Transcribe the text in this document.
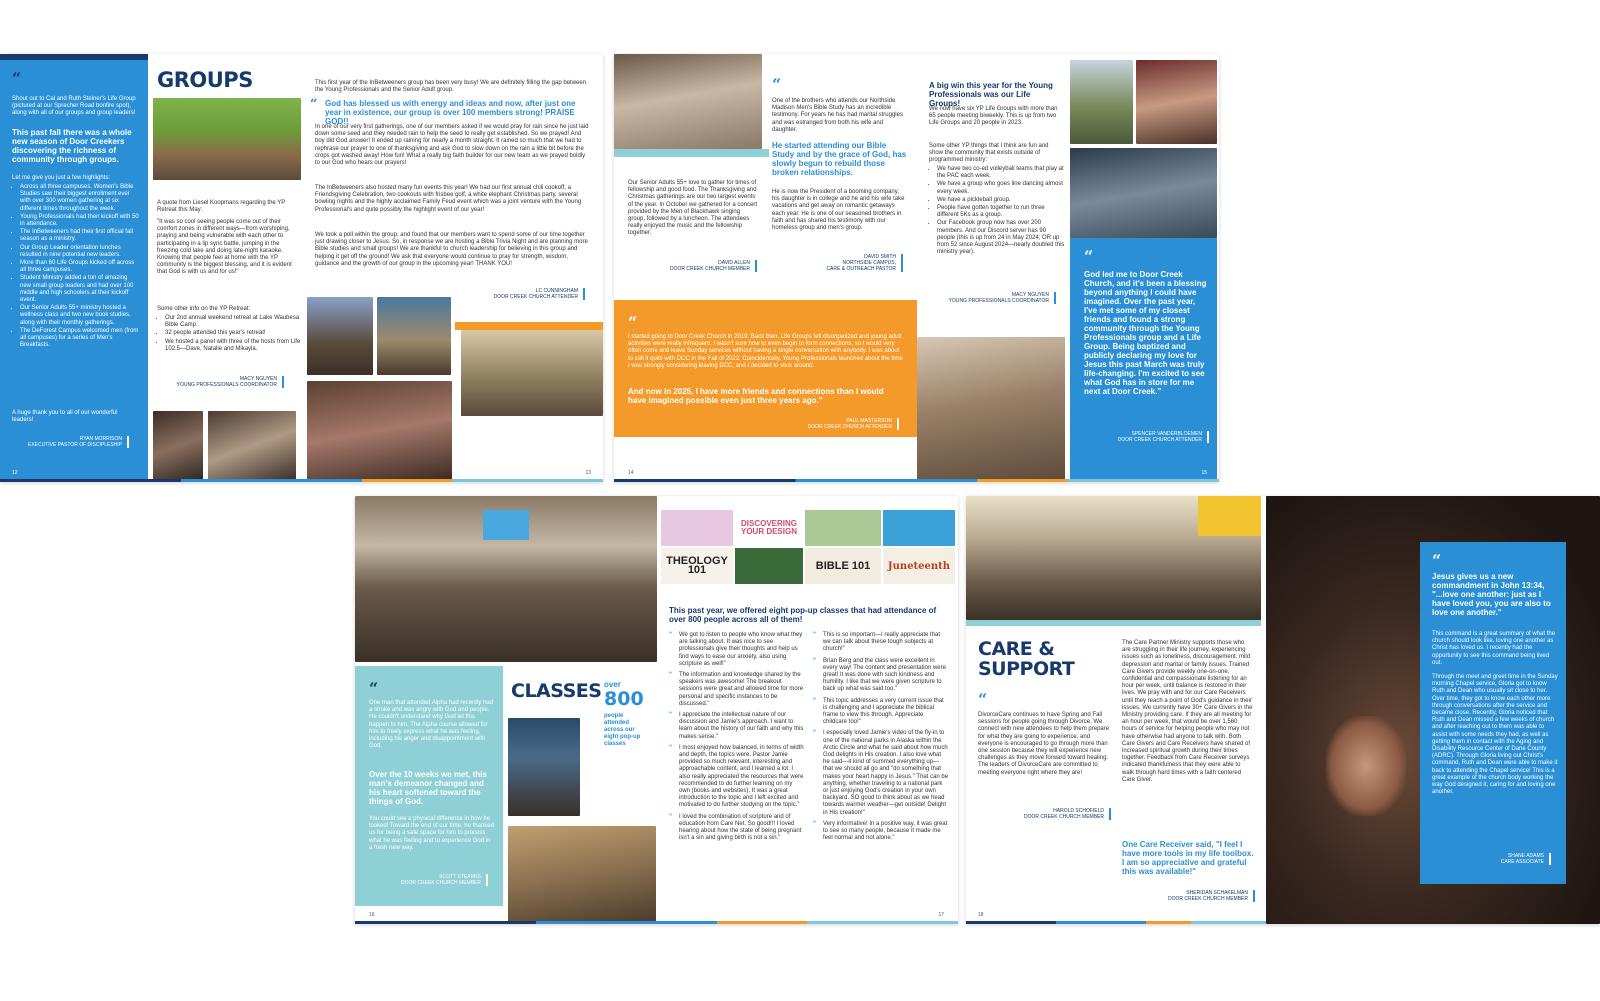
“
Shout out to Cal and Ruth Steiner's Life Group (pictured at our Sprecher Road bonfire spot), along with all of our groups and group leaders!
This past fall there was a whole new season of Door Creekers discovering the richness of community through groups.
Let me give you just a few highlights:
• Across all three campuses, Women's Bible Studies saw their biggest enrollment ever with over 300 women gathering at six different times throughout the week.
• Young Professionals had their kickoff with 50 in attendance.
• The InBetweeners had their first official fall season as a ministry.
• Our Group Leader orientation lunches resulted in nine potential new leaders.
• More than 60 Life Groups kicked off across all three campuses.
• Student Ministry added a ton of amazing new small group leaders and had over 100 middle and high schoolers at their kickoff event.
• Our Senior Adults 55+ ministry hosted a wellness class and two new book studies, along with their monthly gatherings.
• The DeForest Campus welcomed men (from all campuses) for a series of Men's Breakfasts.
A huge thank you to all of our wonderful leaders!
RYAN MORRISON
EXECUTIVE PASTOR OF DISCIPLESHIP
12
GROUPS
A quote from Liesel Koopmans regarding the YP Retreat this May:
"It was so cool seeing people come out of their comfort zones in different ways—from worshiping, praying and being vulnerable with each other to participating in a lip sync battle, jumping in the freezing cold lake and doing late-night karaoke. Knowing that people feel at home with the YP community is the biggest blessing, and it is evident that God is with us and for us!"
Some other info on the YP Retreat:
• Our 2nd annual weekend retreat at Lake Waubesa Bible Camp.
• 32 people attended this year's retreat!
• We hosted a panel with three of the hosts from Life 102.5—Dave, Natalie and Mikayla.
MACY NGUYEN
YOUNG PROFESSIONALS COORDINATOR
13
This first year of the InBetweeners group has been very busy! We are definitely filling the gap between the Young Professionals and the Senior Adult group.
“ God has blessed us with energy and ideas and now, after just one year in existence, our group is over 100 members strong! PRAISE GOD!!
In one of our very first gatherings, one of our members asked if we would pray for rain since he just laid down some seed and they needed rain to help the seed to really get established. So we prayed! And boy did God answer! It ended up raining for nearly a month straight. It rained so much that we had to rephrase our prayer to one of thanksgiving and ask God to slow down on the rain a little bit before the crops got washed away! How fun! What a really big faith builder for our new team as we prayed boldly to our God who hears our prayers!
The InBetweeners also hosted many fun events this year! We had our first annual chili cookoff, a Friendsgiving Celebration, two cookouts with frisbee golf, a white elephant Christmas party, several bowling nights and the highly acclaimed Family Feud event which was a joint venture with the Young Professional's and quite possibly the highlight event of our year!
We took a poll within the group, and found that our members want to spend some of our time together just drawing closer to Jesus. So, in response we are hosting a Bible Trivia Night and are planning more Bible studies and small groups! We are thankful to church leadership for believing in this group and helping it get off the ground! We ask that everyone would continue to pray for strength, wisdom, guidance and the growth of our group in the upcoming year! THANK YOU!
LC CUNNINGHAM
DOOR CREEK CHURCH ATTENDER
Our Senior Adults 55+ love to gather for times of fellowship and good food. The Thanksgiving and Christmas gatherings are our two largest events of the year. In October we gathered for a concert provided by the Men of Blackhawk singing group, followed by a luncheon. The attendees really enjoyed the music and the fellowship together.
DAVID ALLEN
DOOR CREEK CHURCH MEMBER
“
One of the brothers who attends our Northside Madison Men's Bible Study has an incredible testimony. For years he has had marital struggles and was estranged from both his wife and daughter.
He started attending our Bible Study and by the grace of God, has slowly begun to rebuild those broken relationships.
He is now the President of a booming company, his daughter is in college and he and his wife take vacations and get away on romantic getaways each year. He is one of our seasoned brothers in faith and has shared his testimony with our homeless group and men's group.
DAVID SMITH
NORTHSIDE CAMPUS,
CARE & OUTREACH PASTOR
“
I started going to Door Creek Church in 2019. Back then, Life Groups felt disorganized and young adult activities were really infrequent. I wasn't sure how to even begin to form connections, so I would very often come and leave Sunday services without having a single conversation with anybody. I was about to call it quits with DCC in the Fall of 2022. Coincidentally, Young Professionals launched about the time I was strongly considering leaving DCC, and I decided to stick around.
And now in 2025, I have more friends and connections than I would have imagined possible even just three years ago."
PAUL MASTERSON
DOOR CREEK CHURCH ATTENDER
14
A big win this year for the Young Professionals was our Life Groups!
We now have six YP Life Groups with more than 65 people meeting biweekly. This is up from two Life Groups and 20 people in 2023.
Some other YP things that I think are fun and show the community that exists outside of programmed ministry:
• We have two co-ed volleyball teams that play at the PAC each week.
• We have a group who goes line dancing almost every week.
• We have a pickleball group.
• People have gotten together to run three different 5Ks as a group.
• Our Facebook group now has over 200 members. And our Discord server has 90 people (this is up from 24 in May 2024; OR up from 52 since August 2024—nearly doubled this ministry year).
MACY NGUYEN
YOUNG PROFESSIONALS COORDINATOR
“
God led me to Door Creek Church, and it's been a blessing beyond anything I could have imagined. Over the past year, I've met some of my closest friends and found a strong community through the Young Professionals group and a Life Group. Being baptized and publicly declaring my love for Jesus this past March was truly life-changing. I'm excited to see what God has in store for me next at Door Creek."
SPENCER VANDERBLOEMEN
DOOR CREEK CHURCH ATTENDER
15
“
One man that attended Alpha had recently had a stroke and was angry with God and people. He couldn't understand why God let this happen to him. The Alpha course allowed for him to freely express what he was feeling, including his anger and disappointment with God.
Over the 10 weeks we met, this man's demeanor changed and his heart softened toward the things of God.
You could see a physical difference in how he looked! Toward the end of our time, he thanked us for being a safe space for him to process what he was feeling and to experience God in a fresh new way.
SCOTT STEARNS
DOOR CREEK CHURCH MEMBER
16
CLASSES over
800
people attended across our eight pop-up classes
DISCOVERING YOUR DESIGN
THEOLOGY 101	BIBLE 101	Juneteenth
This past year, we offered eight pop-up classes that had attendance of over 800 people across all of them!
“ We got to listen to people who know what they are talking about. It was nice to see professionals give their thoughts and help us find ways to ease our anxiety, also using scripture as well!"
“ The information and knowledge shared by the speakers was awesome! The breakout sessions were great and allowed time for more personal and specific instances to be discussed."
“ I appreciate the intellectual nature of our discussion and Jamie's approach. I want to learn about the history of our faith and why this makes sense."
“ I most enjoyed how balanced, in terms of width and depth, the topics were. Pastor Jamie provided so much relevant, interesting and approachable content, and I learned a lot. I also really appreciated the resources that were recommended to do further learning on my own (books and websites). It was a great introduction to the topic and I left excited and motivated to do further studying on the topic."
“ I loved the combination of scripture and of education from Care Net. So good!!! I loved hearing about how the state of being pregnant isn't a sin and giving birth is not a sin."
“ This is so important—I really appreciate that we can talk about these tough subjects at church!"
“ Brian Berg and the class were excellent in every way! The content and presentation were great! It was done with such kindness and humility. I like that we were given scripture to back up what was said too."
“ This topic addresses a very current issue that is challenging and I appreciate the biblical frame to view this through. Appreciate childcare too!"
“ I especially loved Jamie's video of the fly-in to one of the national parks in Alaska within the Arctic Circle and what he said about how much God delights in His creation. I also love what he said—it kind of summed everything up—that we should all go and "do something that makes your heart happy in Jesus." That can be anything, whether traveling to a national park or just enjoying God's creation in your own backyard. SO good to think about as we head towards warmer weather—get outside! Delight in His creation!"
“ Very informative! In a positive way, it was great to see so many people, because it made me feel normal and not alone."
17
CARE &
SUPPORT
“
DivorceCare continues to have Spring and Fall sessions for people going through Divorce. We connect with new attendees to help them prepare for what they are going to experience, and everyone is encouraged to go through more than one session because they will experience new challenges as they move forward toward healing. The leaders of DivorceCare are committed to meeting everyone right where they are!
HAROLD SCHOFIELD
DOOR CREEK CHURCH MEMBER
The Care Partner Ministry supports those who are struggling in their life journey, experiencing issues such as loneliness, discouragement, mild depression and marital or family issues. Trained Care Givers provide weekly one-on-one, confidential and compassionate listening for an hour per week, until balance is restored in their lives. We pray with and for our Care Receivers until they reach a point of God's guidance in their issues. We currently have 30+ Care Givers in the Ministry providing care. If they are all meeting for an hour per week, that would be over 1,560 hours of service for helping people who may not have otherwise had anyone to talk with. Both Care Givers and Care Receivers have shared of increased spiritual growth during their times together. Feedback from Care Receiver surveys indicated thankfulness that they were able to walk through hard times with a faith centered Care Giver.
One Care Receiver said, "I feel I have more tools in my life toolbox. I am so appreciative and grateful this was available!"
SHERIDAN SCHAKELMAN
DOOR CREEK CHURCH MEMBER
18
“
Jesus gives us a new commandment in John 13:34, "...love one another: just as I have loved you, you are also to love one another."
This command is a great summary of what the church should look like, loving one another as Christ has loved us. I recently had the opportunity to see this command being lived out.
Through the meet and greet time in the Sunday morning Chapel service, Gloria got to know Ruth and Dean who usually sit close to her. Over time, they got to know each other more through conversations after the service and became close. Recently, Gloria noticed that Ruth and Dean missed a few weeks of church and after reaching out to them was able to assist with some needs they had, as well as getting them in contact with the Aging and Disability Resource Center of Dane County (ADRC). Through Gloria living out Christ's command, Ruth and Dean were able to make it back to attending the Chapel service! This is a great example of the church body working the way God designed it, caring for and loving one another.
SHANE ADAMS
CARE ASSOCIATE
